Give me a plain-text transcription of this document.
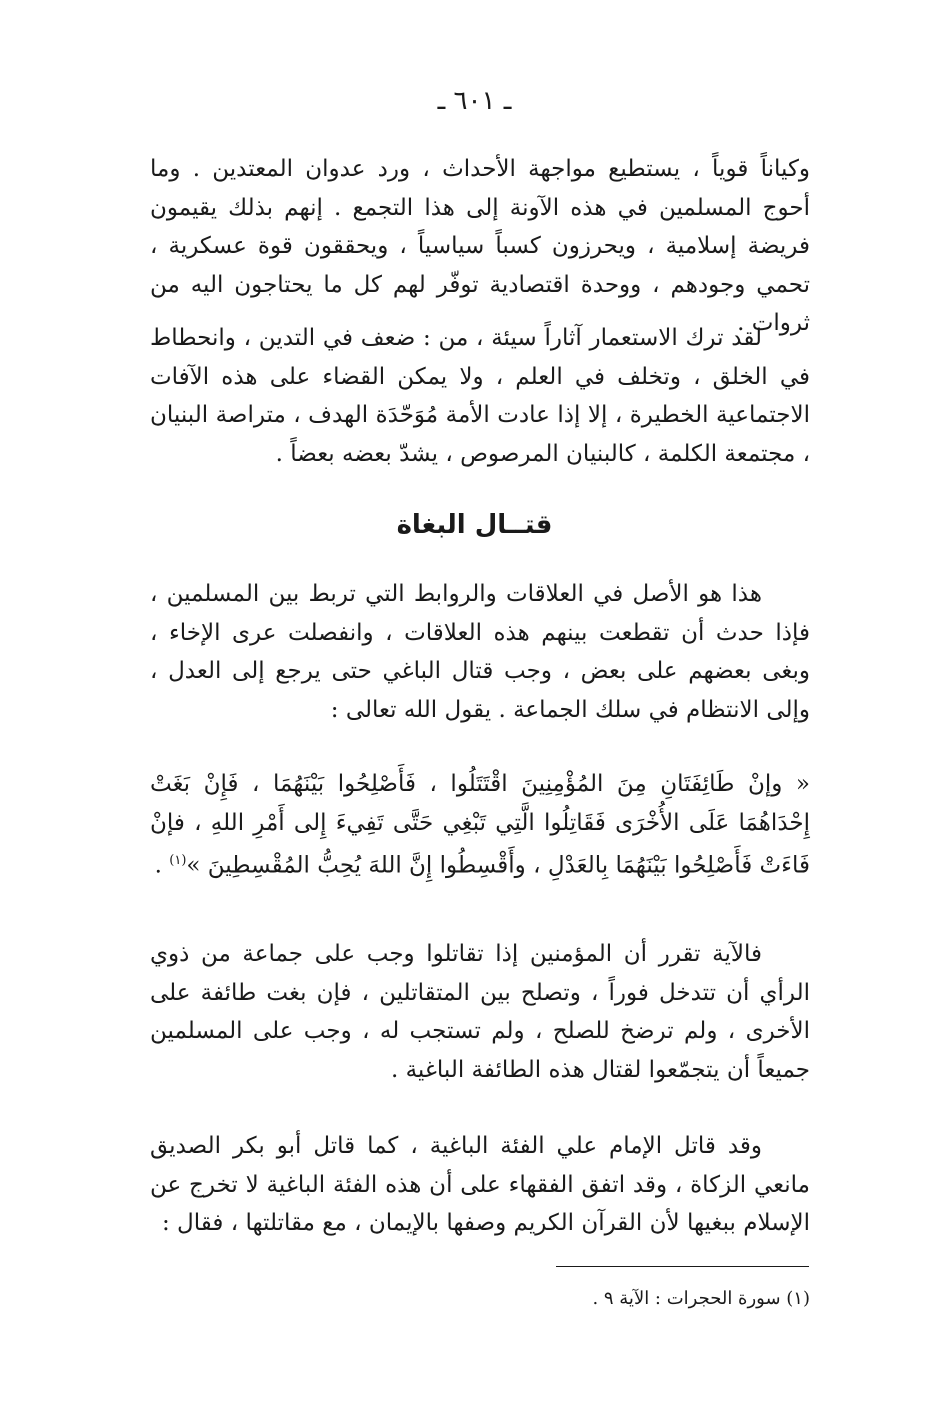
ـ ٦٠١ ـ

وكياناً قوياً ، يستطيع مواجهة الأحداث ، ورد عدوان المعتدين . وما أحوج المسلمين في هذه الآونة إلى هذا التجمع . إنهم بذلك يقيمون فريضة إسلامية ، ويحرزون كسباً سياسياً ، ويحققون قوة عسكرية ، تحمي وجودهم ، ووحدة اقتصادية توفّر لهم كل ما يحتاجون اليه من ثروات .

لقد ترك الاستعمار آثاراً سيئة ، من : ضعف في التدين ، وانحطاط في الخلق ، وتخلف في العلم ، ولا يمكن القضاء على هذه الآفات الاجتماعية الخطيرة ، إلا إذا عادت الأمة مُوَحّدَة الهدف ، متراصة البنيان ، مجتمعة الكلمة ، كالبنيان المرصوص ، يشدّ بعضه بعضاً .

قتــال البغاة

هذا هو الأصل في العلاقات والروابط التي تربط بين المسلمين ، فإذا حدث أن تقطعت بينهم هذه العلاقات ، وانفصلت عرى الإخاء ، وبغى بعضهم على بعض ، وجب قتال الباغي حتى يرجع إلى العدل ، وإلى الانتظام في سلك الجماعة . يقول الله تعالى :

« وإنْ طَائِفَتَانِ مِنَ المُؤْمِنِينَ اقْتَتَلُوا ، فَأَصْلِحُوا بَيْنَهُمَا ، فَإِنْ بَغَتْ إِحْدَاهُمَا عَلَى الأُخْرَى فَقَاتِلُوا الَّتِي تَبْغِي حَتَّى تَفِيءَ إِلى أَمْرِ اللهِ ، فإنْ فَاءَتْ فَأَصْلِحُوا بَيْنَهُمَا بِالعَدْلِ ، وأَقْسِطُوا إِنَّ اللهَ يُحِبُّ المُقْسِطِينَ »$^{(١)}$ .

فالآية تقرر أن المؤمنين إذا تقاتلوا وجب على جماعة من ذوي الرأي أن تتدخل فوراً ، وتصلح بين المتقاتلين ، فإن بغت طائفة على الأخرى ، ولم ترضخ للصلح ، ولم تستجب له ، وجب على المسلمين جميعاً أن يتجمّعوا لقتال هذه الطائفة الباغية .

وقد قاتل الإمام علي الفئة الباغية ، كما قاتل أبو بكر الصديق مانعي الزكاة ، وقد اتفق الفقهاء على أن هذه الفئة الباغية لا تخرج عن الإسلام ببغيها لأن القرآن الكريم وصفها بالإيمان ، مع مقاتلتها ، فقال :

(١) سورة الحجرات : الآية ٩ .
